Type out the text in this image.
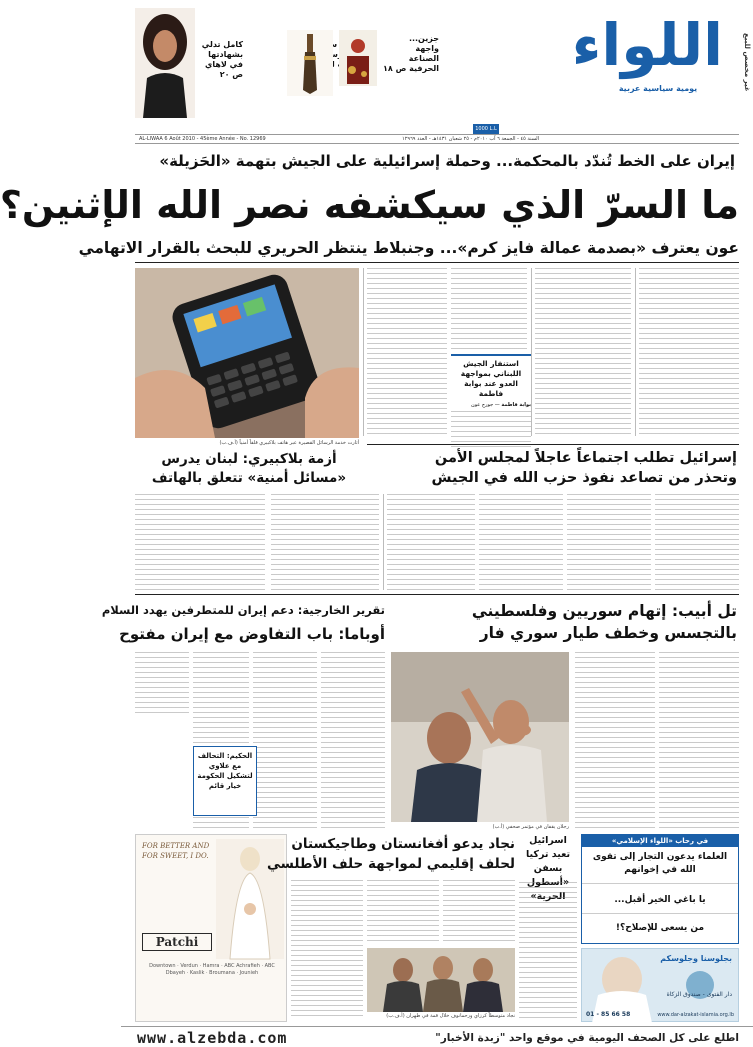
اللواء	غير مخصص للبيع
يومية سياسية عربية
1000 L.L
جزين... واجهة الصناعة الحرفية ص ١٨
كامل تدلي بشهادتها في لاهاي ص ٢٠
AL-LIWAA 6 Août 2010 - 45ème Année - No. 12969	السنة ٤٥ - الجمعة ٦ آب ٢٠١٠م - ٢٥ شعبان ١٤٣١هـ - العدد ١٢٩٦٩
إيران على الخط تُندّد بالمحكمة... وحملة إسرائيلية على الجيش بتهمة «الحَزيلة»
ما السرّ الذي سيكشفه نصر الله الإثنين؟
عون يعترف «بصدمة عمالة فايز كرم»... وجنبلاط ينتظر الحريري للبحث بالقرار الاتهامي
استنفار الجيش اللبناني بمواجهة العدو عند بوابة فاطمة
بوابة فاطمة — جورج عون
أثارت خدمة الرسائل القصيرة عبر هاتف بلاكبيري قلقاً أمنياً (أ.ف.ب)
أزمة بلاكبيري: لبنان يدرس «مسائل أمنية» تتعلق بالهاتف
إسرائيل تطلب اجتماعاً عاجلاً لمجلس الأمن
وتحذر من تصاعد نفوذ حزب الله في الجيش
تقرير الخارجية: دعم إيران للمتطرفين يهدد السلام
أوباما: باب التفاوض مع إيران مفتوح
الحكيم: التحالف مع علاوي لتشكيل الحكومة خيار قائم
تل أبيب: إتهام سوريين وفلسطيني
بالتجسس وخطف طيار سوري فار
رجلان يقفان في مؤتمر صحفي (أ.ب)
FOR BETTER AND FOR SWEET, I DO.
Patchi
Downtown · Verdun · Hamra · ABC Achrafieh · ABC Dbayeh · Kaslik · Broumana · Jounieh
نجاد يدعو أفغانستان وطاجيكستان
لحلف إقليمي لمواجهة حلف الأطلسي
نجاد متوسطاً كرزاي ورحمانوف خلال قمة في طهران (أ.ف.ب)
اسرائيل تعيد تركيا بسفن «أسطول الحرية»
في رحاب «اللواء الإسلامي»
العلماء يدعون التجار إلى تقوى الله في إخوانهم
يا باغي الخير أقبل...
من يسعى للإصلاح؟!
بجلوسنا وجلوسكم
دار الفتوى - صندوق الزكاة
01 - 85 66 58	www.dar-alzakat-islamia.org.lb
www.alzebda.com	اطلع على كل الصحف اليومية في موقع واحد "زبدة الأخبار"
